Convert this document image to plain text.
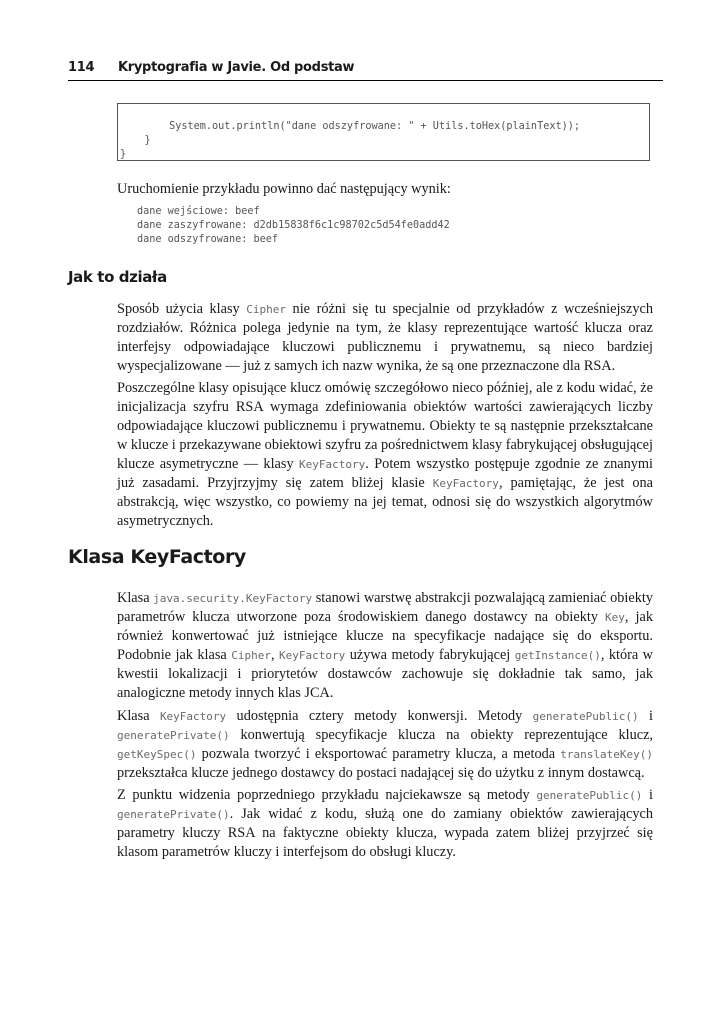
114 Kryptografia w Javie. Od podstaw
System.out.println("dane odszyfrowane: " + Utils.toHex(plainText));
}
}

Uruchomienie przykładu powinno dać następujący wynik:

dane wejściowe: beef
dane zaszyfrowane: d2db15838f6c1c98702c5d54fe0add42
dane odszyfrowane: beef
Jak to działa

Sposób użycia klasy Cipher nie różni się tu specjalnie od przykładów z wcześniejszych rozdziałów. Różnica polega jedynie na tym, że klasy reprezentujące wartość klucza oraz interfejsy odpowiadające kluczowi publicznemu i prywatnemu, są nieco bardziej wyspecjalizowane — już z samych ich nazw wynika, że są one przeznaczone dla RSA.

Poszczególne klasy opisujące klucz omówię szczegółowo nieco później, ale z kodu widać, że inicjalizacja szyfru RSA wymaga zdefiniowania obiektów wartości zawierających liczby odpowiadające kluczowi publicznemu i prywatnemu. Obiekty te są następnie przekształcane w klucze i przekazywane obiektowi szyfru za pośrednictwem klasy fabrykującej obsługującej klucze asymetryczne — klasy KeyFactory. Potem wszystko postępuje zgodnie ze znanymi już zasadami. Przyjrzyjmy się zatem bliżej klasie KeyFactory, pamiętając, że jest ona abstrakcją, więc wszystko, co powiemy na jej temat, odnosi się do wszystkich algorytmów asymetrycznych.

Klasa KeyFactory

Klasa java.security.KeyFactory stanowi warstwę abstrakcji pozwalającą zamieniać obiekty parametrów klucza utworzone poza środowiskiem danego dostawcy na obiekty Key, jak również konwertować już istniejące klucze na specyfikacje nadające się do eksportu. Podobnie jak klasa Cipher, KeyFactory używa metody fabrykującej getInstance(), która w kwestii lokalizacji i priorytetów dostawców zachowuje się dokładnie tak samo, jak analogiczne metody innych klas JCA.

Klasa KeyFactory udostępnia cztery metody konwersji. Metody generatePublic() i generatePrivate() konwertują specyfikacje klucza na obiekty reprezentujące klucz, getKeySpec() pozwala tworzyć i eksportować parametry klucza, a metoda translateKey() przekształca klucze jednego dostawcy do postaci nadającej się do użytku z innym dostawcą.

Z punktu widzenia poprzedniego przykładu najciekawsze są metody generatePublic() i generatePrivate(). Jak widać z kodu, służą one do zamiany obiektów zawierających parametry kluczy RSA na faktyczne obiekty klucza, wypada zatem bliżej przyjrzeć się klasom parametrów kluczy i interfejsom do obsługi kluczy.
